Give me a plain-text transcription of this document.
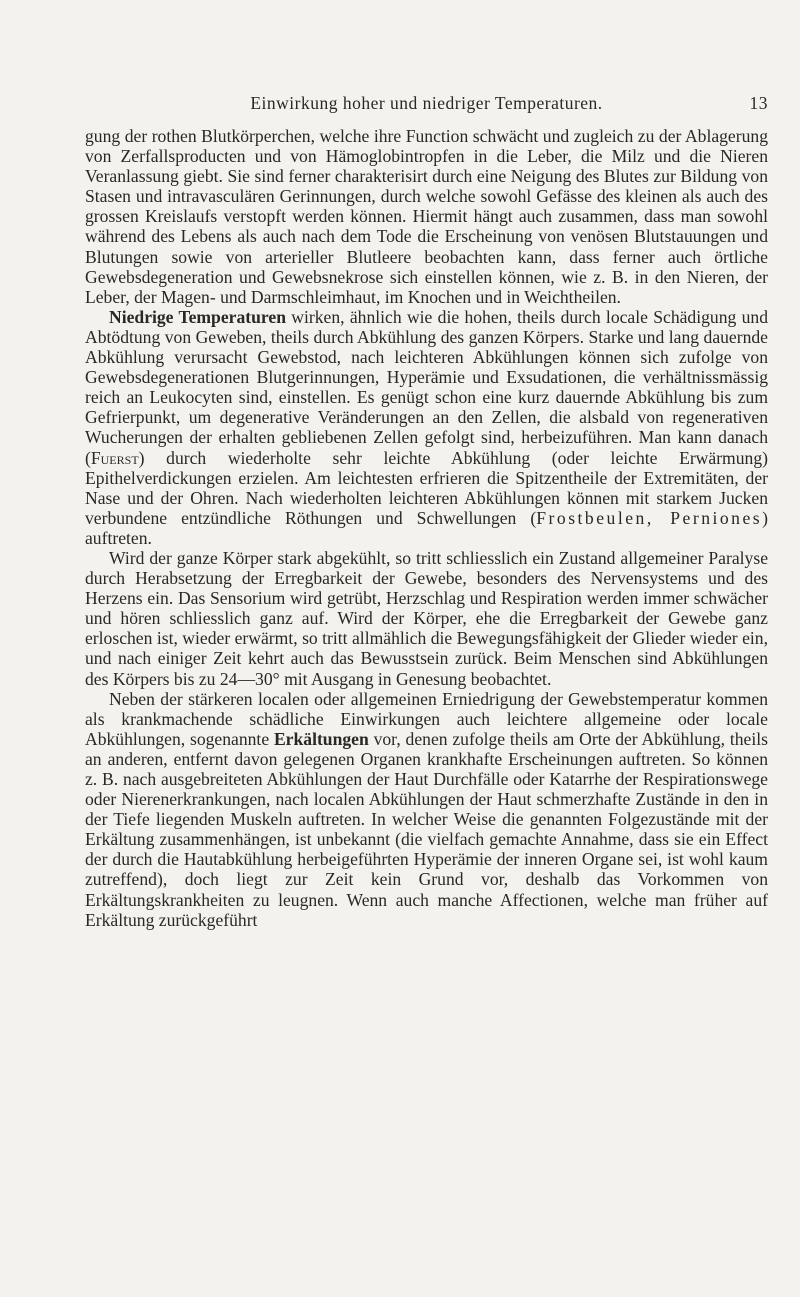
Einwirkung hoher und niedriger Temperaturen.	13

gung der rothen Blutkörperchen, welche ihre Function schwächt und zugleich zu der Ablagerung von Zerfallsproducten und von Hämoglobintropfen in die Leber, die Milz und die Nieren Veranlassung giebt. Sie sind ferner charakterisirt durch eine Neigung des Blutes zur Bildung von Stasen und intravasculären Gerinnungen, durch welche sowohl Gefässe des kleinen als auch des grossen Kreislaufs verstopft werden können. Hiermit hängt auch zusammen, dass man sowohl während des Lebens als auch nach dem Tode die Erscheinung von venösen Blutstauungen und Blutungen sowie von arterieller Blutleere beobachten kann, dass ferner auch örtliche Gewebsdegeneration und Gewebsnekrose sich einstellen können, wie z. B. in den Nieren, der Leber, der Magen- und Darmschleimhaut, im Knochen und in Weichtheilen.

Niedrige Temperaturen wirken, ähnlich wie die hohen, theils durch locale Schädigung und Abtödtung von Geweben, theils durch Abkühlung des ganzen Körpers. Starke und lang dauernde Abkühlung verursacht Gewebstod, nach leichteren Abkühlungen können sich zufolge von Gewebsdegenerationen Blutgerinnungen, Hyperämie und Exsudationen, die verhältnissmässig reich an Leukocyten sind, einstellen. Es genügt schon eine kurz dauernde Abkühlung bis zum Gefrierpunkt, um degenerative Veränderungen an den Zellen, die alsbald von regenerativen Wucherungen der erhalten gebliebenen Zellen gefolgt sind, herbeizuführen. Man kann danach (Fuerst) durch wiederholte sehr leichte Abkühlung (oder leichte Erwärmung) Epithelverdickungen erzielen. Am leichtesten erfrieren die Spitzentheile der Extremitäten, der Nase und der Ohren. Nach wiederholten leichteren Abkühlungen können mit starkem Jucken verbundene entzündliche Röthungen und Schwellungen (Frostbeulen, Perniones) auftreten.

Wird der ganze Körper stark abgekühlt, so tritt schliesslich ein Zustand allgemeiner Paralyse durch Herabsetzung der Erregbarkeit der Gewebe, besonders des Nervensystems und des Herzens ein. Das Sensorium wird getrübt, Herzschlag und Respiration werden immer schwächer und hören schliesslich ganz auf. Wird der Körper, ehe die Erregbarkeit der Gewebe ganz erloschen ist, wieder erwärmt, so tritt allmählich die Bewegungsfähigkeit der Glieder wieder ein, und nach einiger Zeit kehrt auch das Bewusstsein zurück. Beim Menschen sind Abkühlungen des Körpers bis zu 24—30° mit Ausgang in Genesung beobachtet.

Neben der stärkeren localen oder allgemeinen Erniedrigung der Gewebstemperatur kommen als krankmachende schädliche Einwirkungen auch leichtere allgemeine oder locale Abkühlungen, sogenannte Erkältungen vor, denen zufolge theils am Orte der Abkühlung, theils an anderen, entfernt davon gelegenen Organen krankhafte Erscheinungen auftreten. So können z. B. nach ausgebreiteten Abkühlungen der Haut Durchfälle oder Katarrhe der Respirationswege oder Nierenerkrankungen, nach localen Abkühlungen der Haut schmerzhafte Zustände in den in der Tiefe liegenden Muskeln auftreten. In welcher Weise die genannten Folgezustände mit der Erkältung zusammenhängen, ist unbekannt (die vielfach gemachte Annahme, dass sie ein Effect der durch die Hautabkühlung herbeigeführten Hyperämie der inneren Organe sei, ist wohl kaum zutreffend), doch liegt zur Zeit kein Grund vor, deshalb das Vorkommen von Erkältungskrankheiten zu leugnen. Wenn auch manche Affectionen, welche man früher auf Erkältung zurückgeführt
